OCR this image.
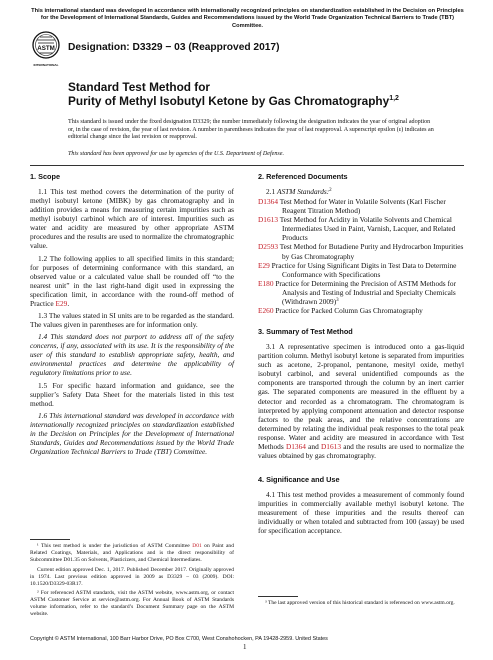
This international standard was developed in accordance with internationally recognized principles on standardization established in the Decision on Principles for the Development of International Standards, Guides and Recommendations issued by the World Trade Organization Technical Barriers to Trade (TBT) Committee.
ASTM
INTERNATIONAL
Designation: D3329 − 03 (Reapproved 2017)
Standard Test Method for
Purity of Methyl Isobutyl Ketone by Gas Chromatography$^{1,2}$
This standard is issued under the fixed designation D3329; the number immediately following the designation indicates the year of original adoption or, in the case of revision, the year of last revision. A number in parentheses indicates the year of last reapproval. A superscript epsilon (ε) indicates an editorial change since the last revision or reapproval.
This standard has been approved for use by agencies of the U.S. Department of Defense.
1. Scope

1.1 This test method covers the determination of the purity of methyl isobutyl ketone (MIBK) by gas chromatography and in addition provides a means for measuring certain impurities such as methyl isobutyl carbinol which are of interest. Impurities such as water and acidity are measured by other appropriate ASTM procedures and the results are used to normalize the chromatographic value.

1.2 The following applies to all specified limits in this standard; for purposes of determining conformance with this standard, an observed value or a calculated value shall be rounded off “to the nearest unit” in the last right-hand digit used in expressing the specification limit, in accordance with the round-off method of Practice E29.

1.3 The values stated in SI units are to be regarded as the standard. The values given in parentheses are for information only.

1.4 This standard does not purport to address all of the safety concerns, if any, associated with its use. It is the responsibility of the user of this standard to establish appropriate safety, health, and environmental practices and determine the applicability of regulatory limitations prior to use.

1.5 For specific hazard information and guidance, see the supplier’s Safety Data Sheet for the materials listed in this test method.

1.6 This international standard was developed in accordance with internationally recognized principles on standardization established in the Decision on Principles for the Development of International Standards, Guides and Recommendations issued by the World Trade Organization Technical Barriers to Trade (TBT) Committee.

¹ This test method is under the jurisdiction of ASTM Committee D01 on Paint and Related Coatings, Materials, and Applications and is the direct responsibility of Subcommittee D01.35 on Solvents, Plasticizers, and Chemical Intermediates.

Current edition approved Dec. 1, 2017. Published December 2017. Originally approved in 1974. Last previous edition approved in 2009 as D3329 – 03 (2009). DOI: 10.1520/D3329-03R17.

² For referenced ASTM standards, visit the ASTM website, www.astm.org, or contact ASTM Customer Service at service@astm.org. For Annual Book of ASTM Standards volume information, refer to the standard’s Document Summary page on the ASTM website.

2. Referenced Documents

2.1 ASTM Standards:$^2$

D1364 Test Method for Water in Volatile Solvents (Karl Fischer Reagent Titration Method)
D1613 Test Method for Acidity in Volatile Solvents and Chemical Intermediates Used in Paint, Varnish, Lacquer, and Related Products
D2593 Test Method for Butadiene Purity and Hydrocarbon Impurities by Gas Chromatography
E29 Practice for Using Significant Digits in Test Data to Determine Conformance with Specifications
E180 Practice for Determining the Precision of ASTM Methods for Analysis and Testing of Industrial and Specialty Chemicals (Withdrawn 2009)$^3$
E260 Practice for Packed Column Gas Chromatography
3. Summary of Test Method

3.1 A representative specimen is introduced onto a gas-liquid partition column. Methyl isobutyl ketone is separated from impurities such as acetone, 2-propanol, pentanone, mesityl oxide, methyl isobutyl carbinol, and several unidentified compounds as the components are transported through the column by an inert carrier gas. The separated components are measured in the effluent by a detector and recorded as a chromatogram. The chromatogram is interpreted by applying component attenuation and detector response factors to the peak areas, and the relative concentrations are determined by relating the individual peak responses to the total peak response. Water and acidity are measured in accordance with Test Methods D1364 and D1613 and the results are used to normalize the values obtained by gas chromatography.

4. Significance and Use

4.1 This test method provides a measurement of commonly found impurities in commercially available methyl isobutyl ketone. The measurement of these impurities and the results thereof can individually or when totaled and subtracted from 100 (assay) be used for specification acceptance.

³ The last approved version of this historical standard is referenced on www.astm.org.

Copyright © ASTM International, 100 Barr Harbor Drive, PO Box C700, West Conshohocken, PA 19428-2959. United States
1
